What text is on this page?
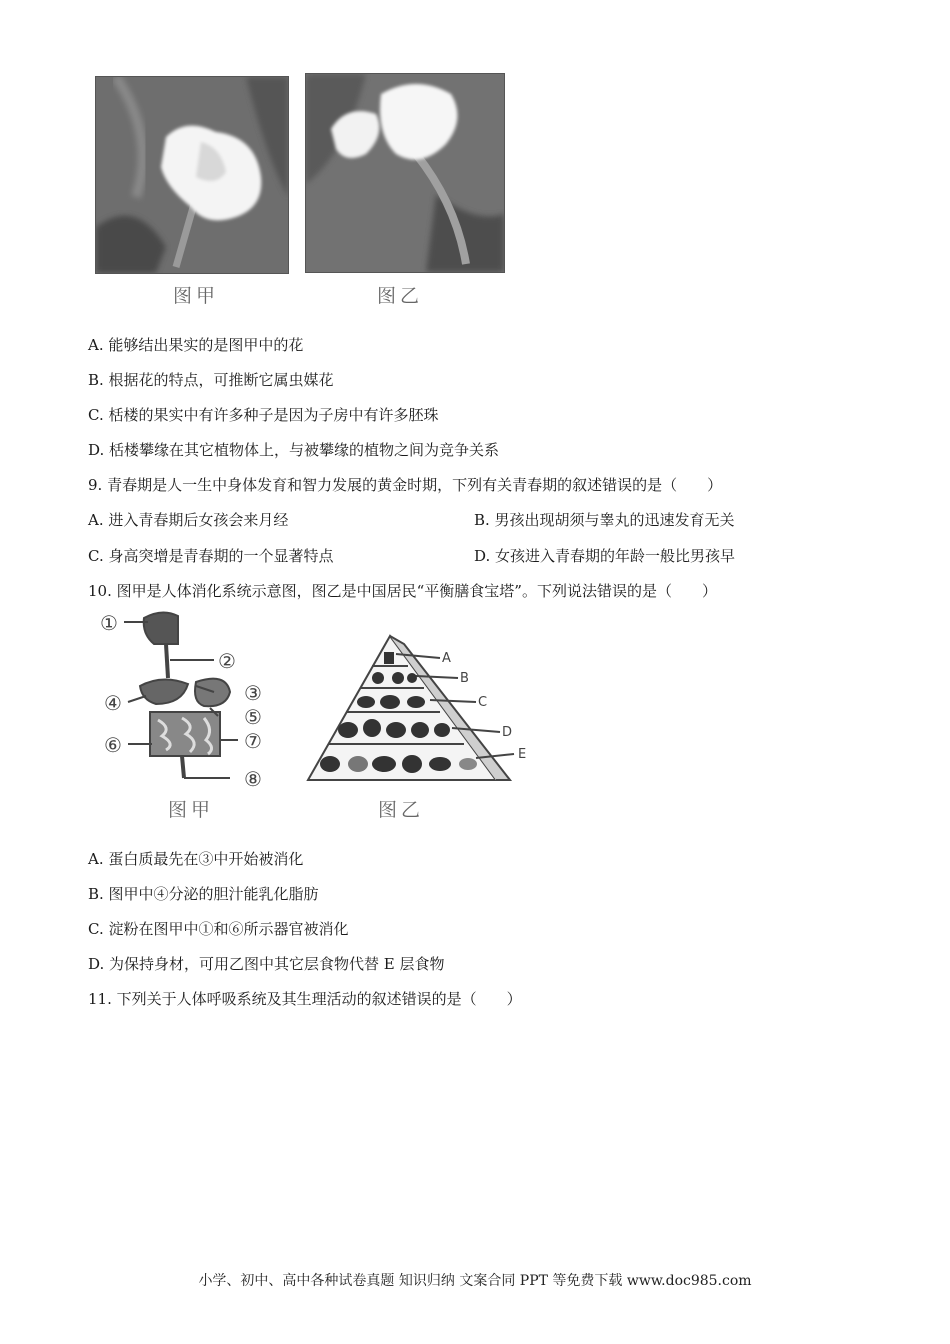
图甲	图乙
A. 能够结出果实的是图甲中的花
B. 根据花的特点，可推断它属虫媒花
C. 栝楼的果实中有许多种子是因为子房中有许多胚珠
D. 栝楼攀缘在其它植物体上，与被攀缘的植物之间为竞争关系
9. 青春期是人一生中身体发育和智力发展的黄金时期，下列有关青春期的叙述错误的是（　　）
A. 进入青春期后女孩会来月经	B. 男孩出现胡须与睾丸的迅速发育无关
C. 身高突增是青春期的一个显著特点	D. 女孩进入青春期的年龄一般比男孩早
10. 图甲是人体消化系统示意图，图乙是中国居民“平衡膳食宝塔”。下列说法错误的是（　　）
①
②
③
④
⑤
⑥	⑦
⑧
图甲
A
B
C
D
E
图乙
A. 蛋白质最先在③中开始被消化
B. 图甲中④分泌的胆汁能乳化脂肪
C. 淀粉在图甲中①和⑥所示器官被消化
D. 为保持身材，可用乙图中其它层食物代替 E 层食物
11. 下列关于人体呼吸系统及其生理活动的叙述错误的是（　　）
小学、初中、高中各种试卷真题 知识归纳 文案合同 PPT 等免费下载 www.doc985.com
